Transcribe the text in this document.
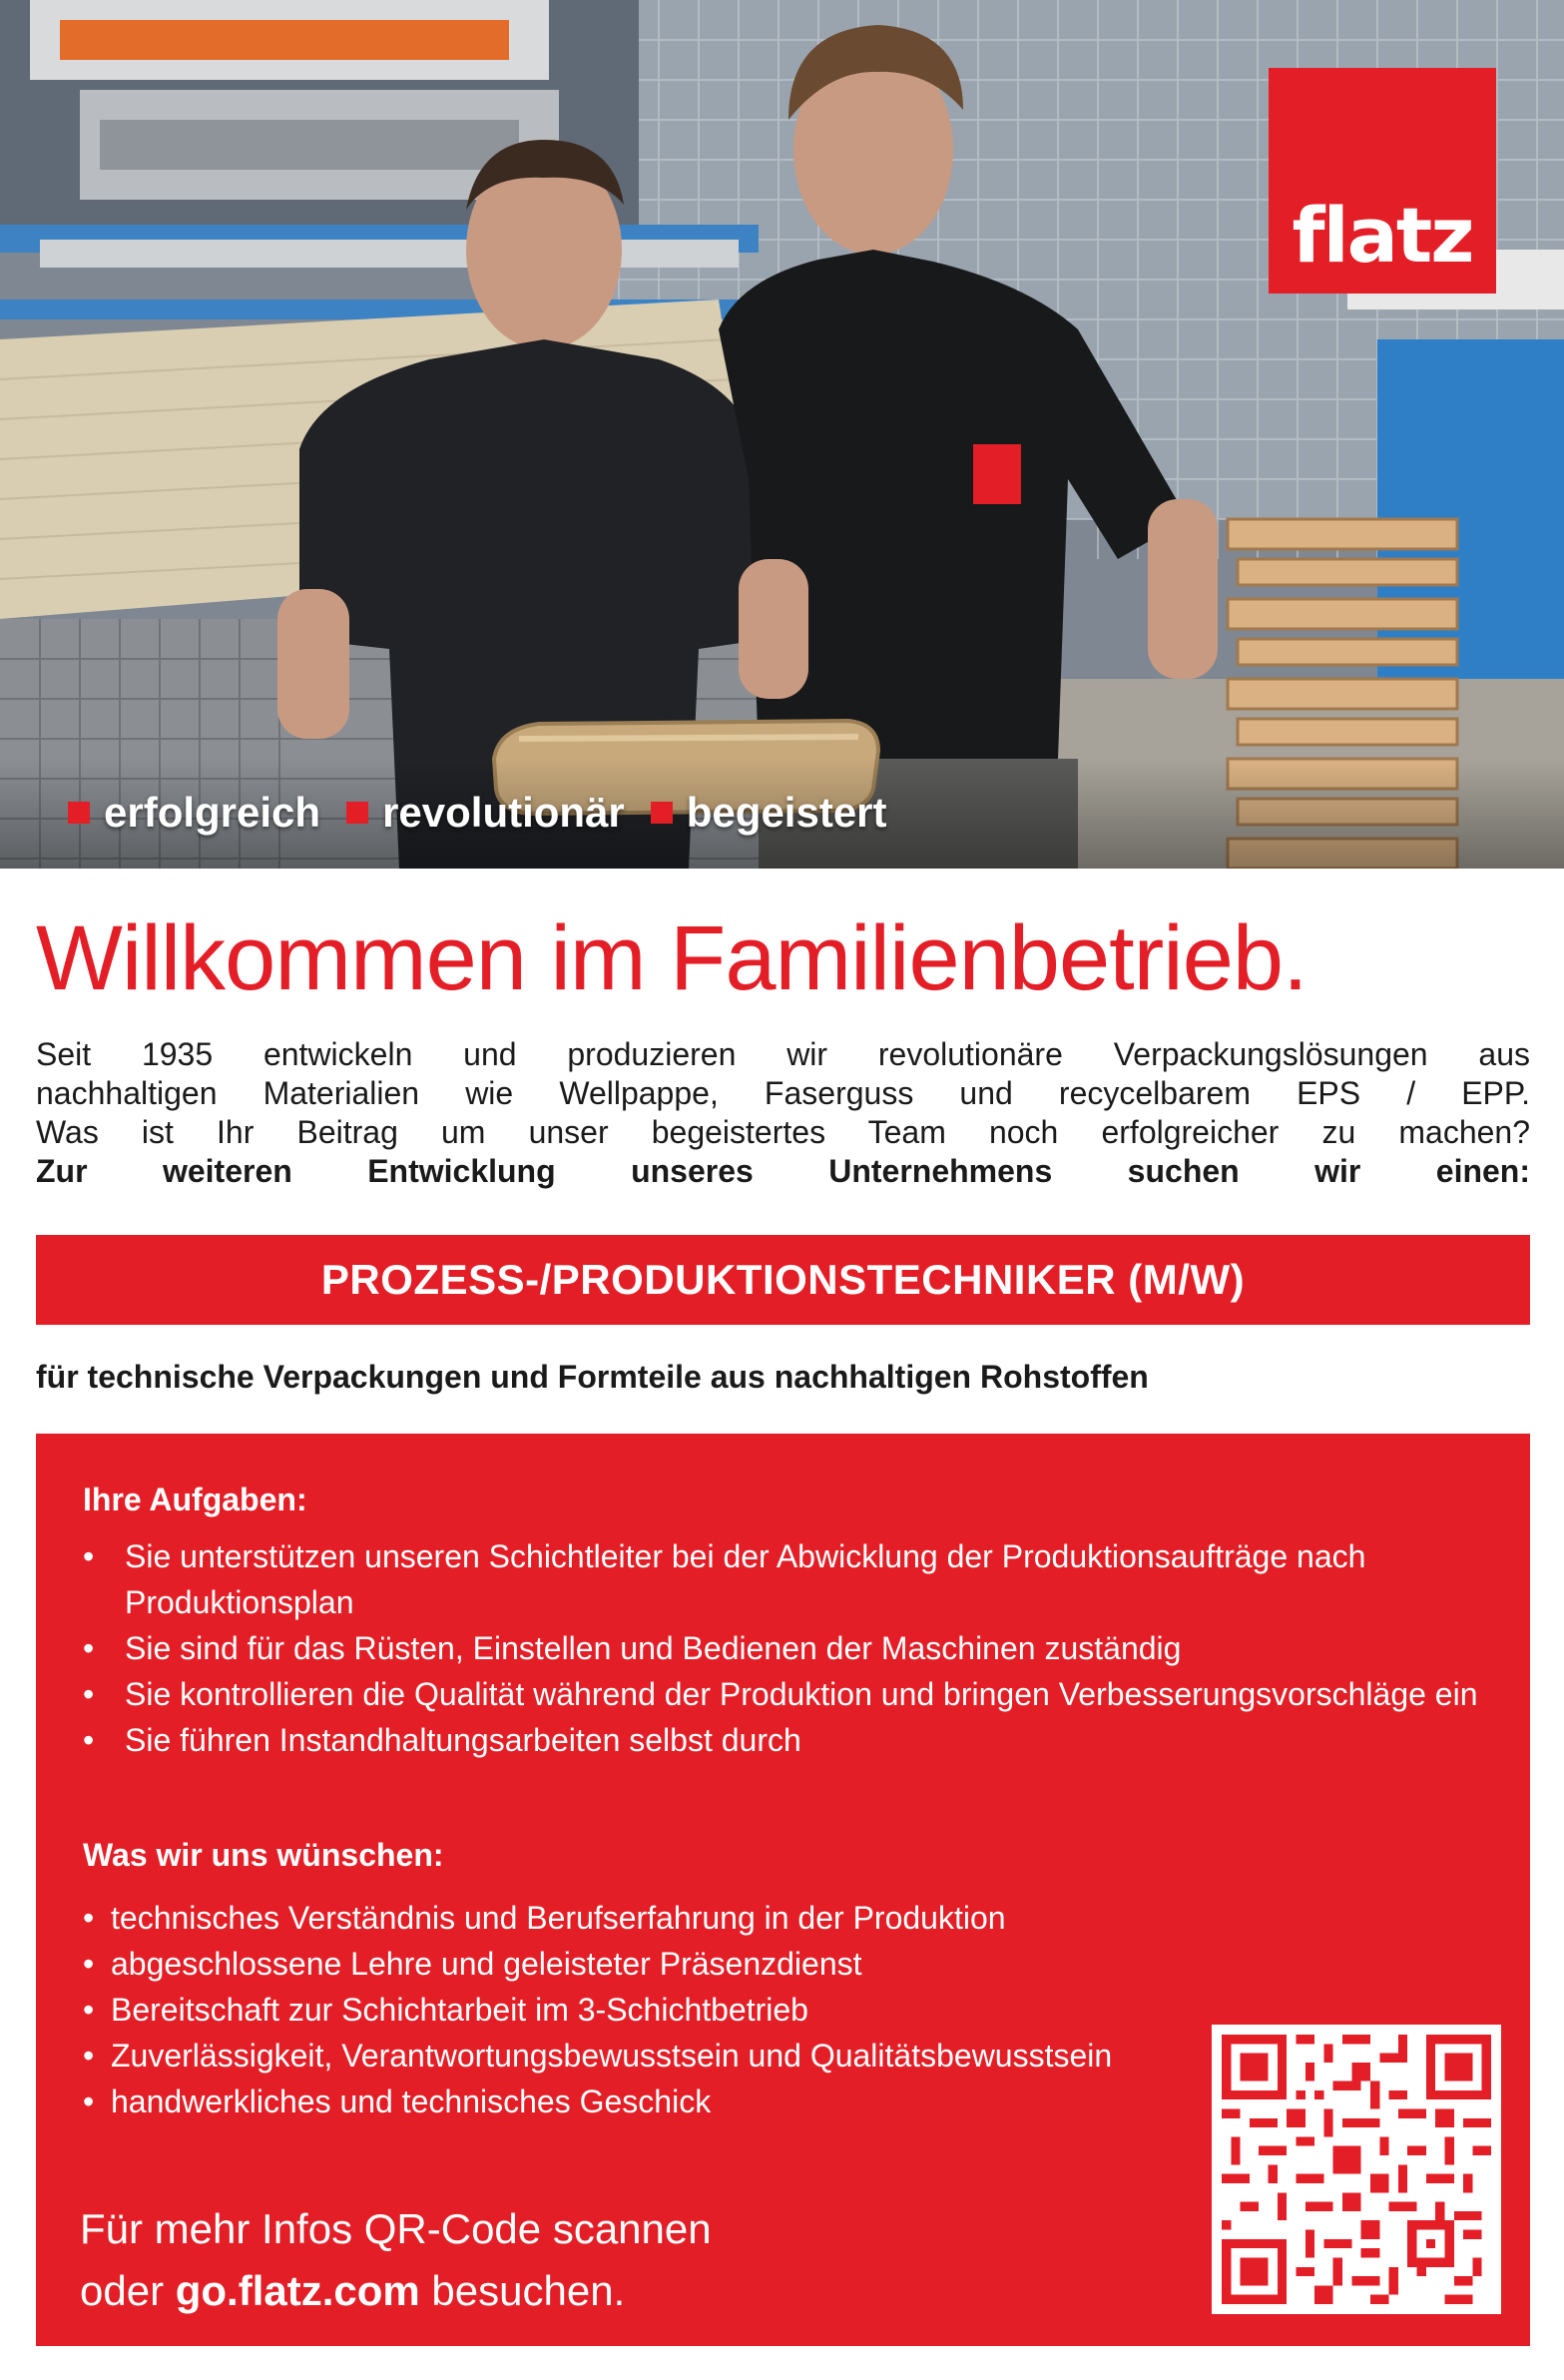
flatz
erfolgreich revolutionär begeistert
Willkommen im Familienbetrieb.

Seit 1935 entwickeln und produzieren wir revolutionäre Verpackungslösungen aus

nachhaltigen Materialien wie Wellpappe, Faserguss und recycelbarem EPS / EPP.

Was ist Ihr Beitrag um unser begeistertes Team noch erfolgreicher zu machen?

Zur weiteren Entwicklung unseres Unternehmens suchen wir einen:

PROZESS-/PRODUKTIONSTECHNIKER (M/W)
für technische Verpackungen und Formteile aus nachhaltigen Rohstoffen
Ihre Aufgaben:
• Sie unterstützen unseren Schichtleiter bei der Abwicklung der Produktionsaufträge nach Produktionsplan
• Sie sind für das Rüsten, Einstellen und Bedienen der Maschinen zuständig
• Sie kontrollieren die Qualität während der Produktion und bringen Verbesserungsvorschläge ein
• Sie führen Instandhaltungsarbeiten selbst durch
Was wir uns wünschen:
• technisches Verständnis und Berufserfahrung in der Produktion
• abgeschlossene Lehre und geleisteter Präsenzdienst
• Bereitschaft zur Schichtarbeit im 3-Schichtbetrieb
• Zuverlässigkeit, Verantwortungsbewusstsein und Qualitätsbewusstsein
• handwerkliches und technisches Geschick
Für mehr Infos QR-Code scannen
oder go.flatz.com besuchen.
